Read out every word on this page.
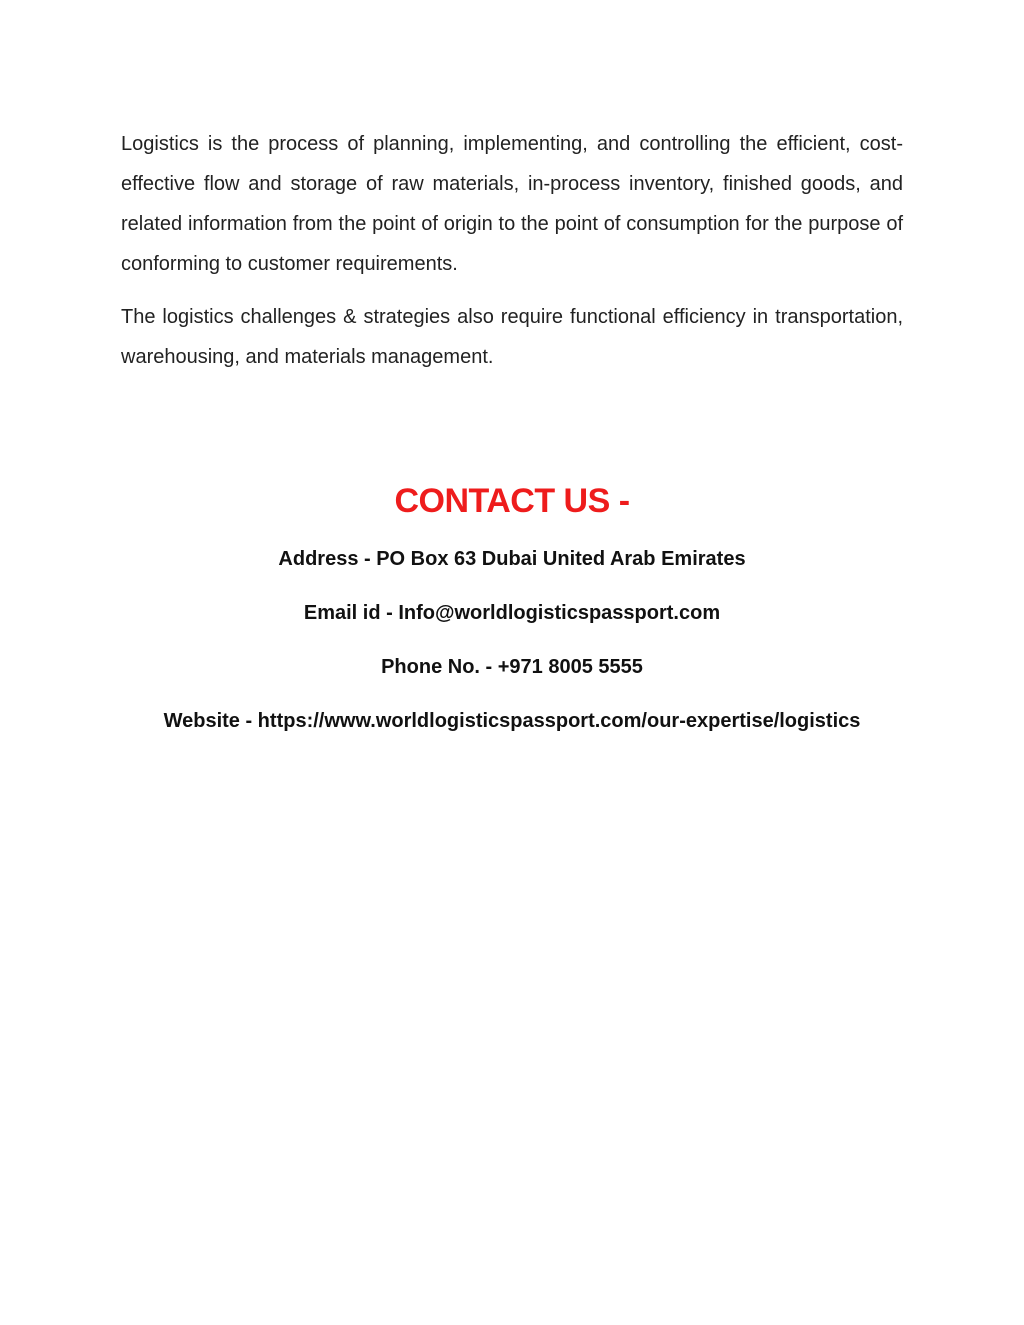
Logistics is the process of planning, implementing, and controlling the efficient, cost-effective flow and storage of raw materials, in-process inventory, finished goods, and related information from the point of origin to the point of consumption for the purpose of conforming to customer requirements.

The logistics challenges & strategies also require functional efficiency in transportation, warehousing, and materials management.

CONTACT US -
Address - PO Box 63 Dubai United Arab Emirates
Email id - Info@worldlogisticspassport.com
Phone No. - +971 8005 5555
Website - https://www.worldlogisticspassport.com/our-expertise/logistics
